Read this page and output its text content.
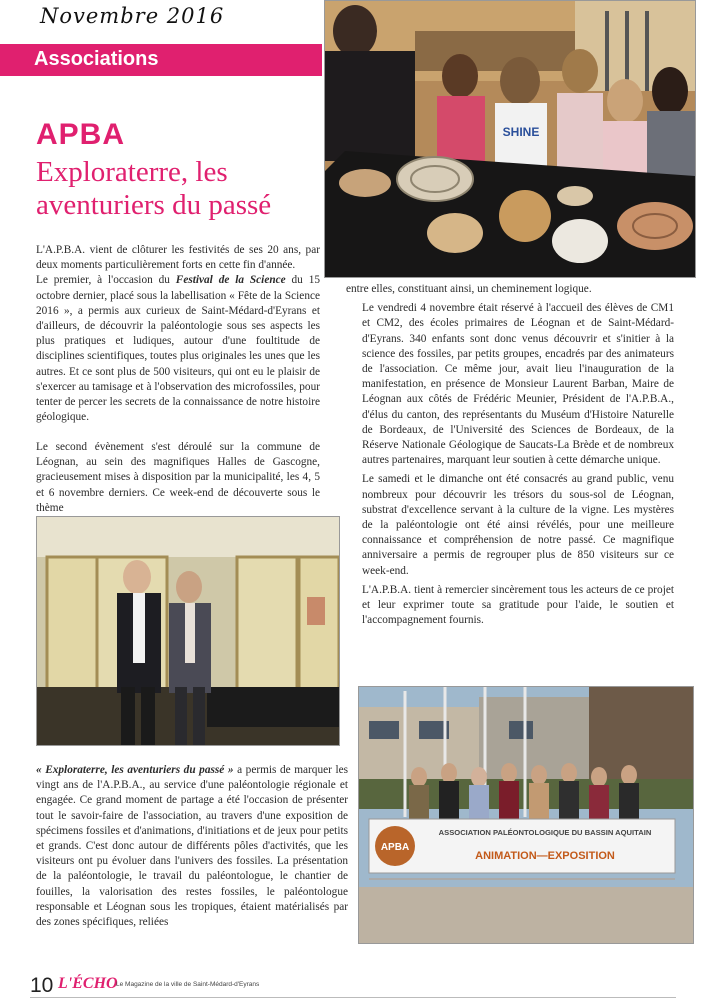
Novembre 2016
Associations
APBA
Exploraterre, les aventuriers du passé
SHINE

L'A.P.B.A. vient de clôturer les festivités de ses 20 ans, par deux moments particulièrement forts en cette fin d'année.

Le premier, à l'occasion du Festival de la Science du 15 octobre dernier, placé sous la labellisation « Fête de la Science 2016 », a permis aux curieux de Saint-Médard-d'Eyrans et d'ailleurs, de découvrir la paléontologie sous ses aspects les plus pratiques et ludiques, autour d'une foultitude de disciplines scientifiques, toutes plus originales les unes que les autres. Et ce sont plus de 500 visiteurs, qui ont eu le plaisir de s'exercer au tamisage et à l'observation des microfossiles, pour tenter de percer les secrets de la connaissance de notre histoire géologique.

Le second évènement s'est déroulé sur la commune de Léognan, au sein des magnifiques Halles de Gascogne, gracieusement mises à disposition par la municipalité, les 4, 5 et 6 novembre derniers. Ce week-end de découverte sous le thème

« Exploraterre, les aventuriers du passé » a permis de marquer les vingt ans de l'A.P.B.A., au service d'une paléontologie régionale et engagée. Ce grand moment de partage a été l'occasion de présenter tout le savoir-faire de l'association, au travers d'une exposition de spécimens fossiles et d'animations, d'initiations et de jeux pour petits et grands. C'est donc autour de différents pôles d'activités, que les visiteurs ont pu évoluer dans l'univers des fossiles. La présentation de la paléontologie, le travail du paléontologue, le chantier de fouilles, la valorisation des restes fossiles, le paléontologue responsable et Léognan sous les tropiques, étaient matérialisés par des zones spécifiques, reliées

entre elles, constituant ainsi, un cheminement logique.

Le vendredi 4 novembre était réservé à l'accueil des élèves de CM1 et CM2, des écoles primaires de Léognan et de Saint-Médard-d'Eyrans. 340 enfants sont donc venus découvrir et s'initier à la science des fossiles, par petits groupes, encadrés par des animateurs de l'association. Ce même jour, avait lieu l'inauguration de la manifestation, en présence de Monsieur Laurent Barban, Maire de Léognan aux côtés de Frédéric Meunier, Président de l'A.P.B.A., d'élus du canton, des représentants du Muséum d'Histoire Naturelle de Bordeaux, de l'Université des Sciences de Bordeaux, de la Réserve Nationale Géologique de Saucats-La Brède et de nombreux autres partenaires, marquant leur soutien à cette démarche unique.

Le samedi et le dimanche ont été consacrés au grand public, venu nombreux pour découvrir les trésors du sous-sol de Léognan, substrat d'excellence servant à la culture de la vigne. Les mystères de la paléontologie ont été ainsi révélés, pour une meilleure connaissance et compréhension de notre passé. Ce magnifique anniversaire a permis de regrouper plus de 850 visiteurs sur ce week-end.

L'A.P.B.A. tient à remercier sincèrement tous les acteurs de ce projet et leur exprimer toute sa gratitude pour l'aide, le soutien et l'accompagnement fournis.

APBA
ASSOCIATION PALÉONTOLOGIQUE DU BASSIN AQUITAIN
ANIMATION—EXPOSITION
10 L'ÉCHO
Le Magazine de la ville de Saint-Médard-d'Eyrans
